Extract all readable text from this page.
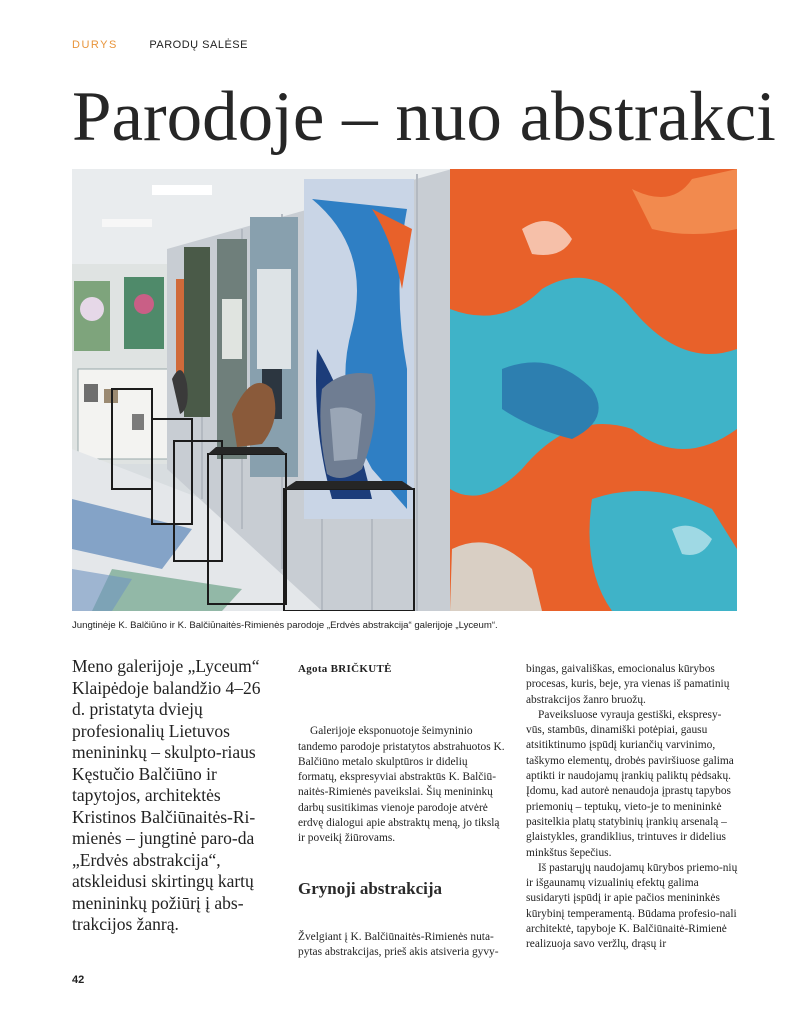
DURYS	PARODŲ SALĖSE
Parodoje – nuo abstrakci
Jungtinėje K. Balčiūno ir K. Balčiūnaitės-Rimienės parodoje „Erdvės abstrakcija“ galerijoje „Lyceum“.
Meno galerijoje „Lyceum“ Klaipėdoje balandžio 4–26 d. pristatyta dviejų profesionalių Lietuvos menininkų – skulpto-riaus Kęstučio Balčiūno ir tapytojos, architektės Kristinos Balčiūnaitės-Ri-mienės – jungtinė paro-da „Erdvės abstrakcija“, atskleidusi skirtingų kartų menininkų požiūrį į abs-trakcijos žanrą.
Agota BRIČKUTĖ

Galerijoje eksponuotoje šeimyninio tandemo parodoje pristatytos abstrahuotos K. Balčiūno metalo skulptūros ir didelių formatų, ekspresyviai abstraktūs K. Balčiū-naitės-Rimienės paveikslai. Šių menininkų darbų susitikimas vienoje parodoje atvėrė erdvę dialogui apie abstraktų meną, jo tikslą ir poveikį žiūrovams.

Grynoji abstrakcija

Žvelgiant į K. Balčiūnaitės-Rimienės nuta-pytas abstrakcijas, prieš akis atsiveria gyvy-

bingas, gaivališkas, emocionalus kūrybos procesas, kuris, beje, yra vienas iš pamatinių abstrakcijos žanro bruožų.

Paveiksluose vyrauja gestiški, ekspresy-vūs, stambūs, dinamiški potėpiai, gausu atsitiktinumo įspūdį kuriančių varvinimo, taškymo elementų, drobės paviršiuose galima aptikti ir naudojamų įrankių paliktų pėdsakų. Įdomu, kad autorė nenaudoja įprastų tapybos priemonių – teptukų, vieto-je to menininkė pasitelkia platų statybinių įrankių arsenalą – glaistykles, grandiklius, trintuves ir didelius minkštus šepečius.

Iš pastarųjų naudojamų kūrybos priemo-nių ir išgaunamų vizualinių efektų galima susidaryti įspūdį ir apie pačios menininkės kūrybinį temperamentą. Būdama profesio-nali architektė, tapyboje K. Balčiūnaitė-Rimienė realizuoja savo veržlų, drąsų ir

42
